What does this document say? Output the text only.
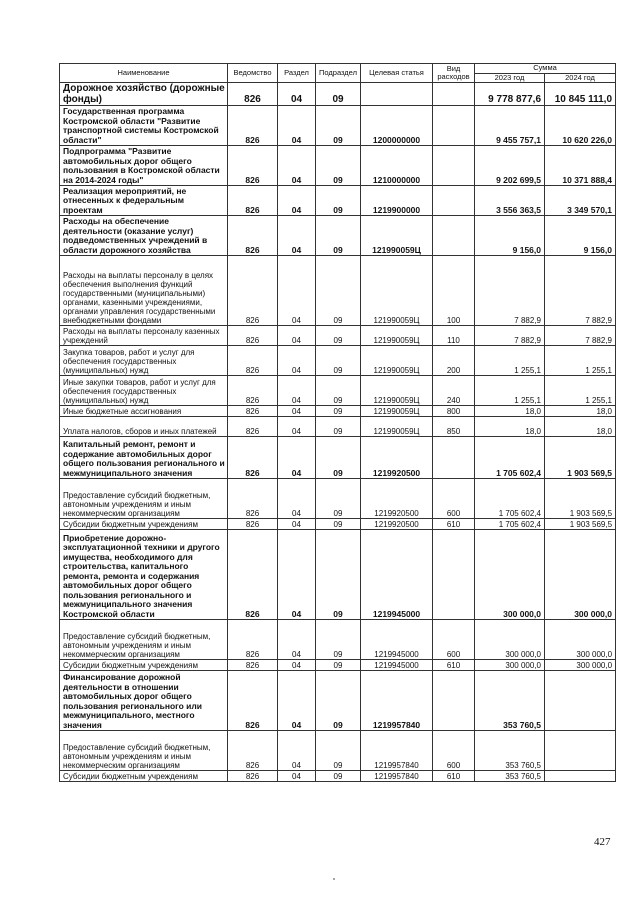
Наименование	Ведомство	Раздел	Подраздел	Целевая статья	Вид расходов	Сумма	
						2023 год	2024 год
Дорожное хозяйство (дорожные фонды)	826	04	09			9 778 877,6	10 845 111,0
Государственная программа Костромской области "Развитие транспортной системы Костромской области"	826	04	09	1200000000		9 455 757,1	10 620 226,0
Подпрограмма "Развитие автомобильных дорог общего пользования в Костромской области на 2014-2024 годы"	826	04	09	1210000000		9 202 699,5	10 371 888,4
Реализация мероприятий, не отнесенных к федеральным проектам	826	04	09	1219900000		3 556 363,5	3 349 570,1
Расходы на обеспечение деятельности (оказание услуг) подведомственных учреждений в области дорожного хозяйства	826	04	09	121990059Ц		9 156,0	9 156,0
Расходы на выплаты персоналу в целях обеспечения выполнения функций государственными (муниципальными) органами, казенными учреждениями, органами управления государственными внебюджетными фондами	826	04	09	121990059Ц	100	7 882,9	7 882,9
Расходы на выплаты персоналу казенных учреждений	826	04	09	121990059Ц	110	7 882,9	7 882,9
Закупка товаров, работ и услуг для обеспечения государственных (муниципальных) нужд	826	04	09	121990059Ц	200	1 255,1	1 255,1
Иные закупки товаров, работ и услуг для обеспечения государственных (муниципальных) нужд	826	04	09	121990059Ц	240	1 255,1	1 255,1
Иные бюджетные ассигнования	826	04	09	121990059Ц	800	18,0	18,0
Уплата налогов, сборов и иных платежей	826	04	09	121990059Ц	850	18,0	18,0
Капитальный ремонт, ремонт и содержание автомобильных дорог общего пользования регионального и межмуниципального значения	826	04	09	1219920500		1 705 602,4	1 903 569,5
Предоставление субсидий бюджетным, автономным учреждениям и иным некоммерческим организациям	826	04	09	1219920500	600	1 705 602,4	1 903 569,5
Субсидии бюджетным учреждениям	826	04	09	1219920500	610	1 705 602,4	1 903 569,5
Приобретение дорожно-эксплуатационной техники и другого имущества, необходимого для строительства, капитального ремонта, ремонта и содержания автомобильных дорог общего пользования регионального и межмуниципального значения Костромской области	826	04	09	1219945000		300 000,0	300 000,0
Предоставление субсидий бюджетным, автономным учреждениям и иным некоммерческим организациям	826	04	09	1219945000	600	300 000,0	300 000,0
Субсидии бюджетным учреждениям	826	04	09	1219945000	610	300 000,0	300 000,0
Финансирование дорожной деятельности в отношении автомобильных дорог общего пользования регионального или межмуниципального, местного значения	826	04	09	1219957840		353 760,5	
Предоставление субсидий бюджетным, автономным учреждениям и иным некоммерческим организациям	826	04	09	1219957840	600	353 760,5	
Субсидии бюджетным учреждениям	826	04	09	1219957840	610	353 760,5	
427
